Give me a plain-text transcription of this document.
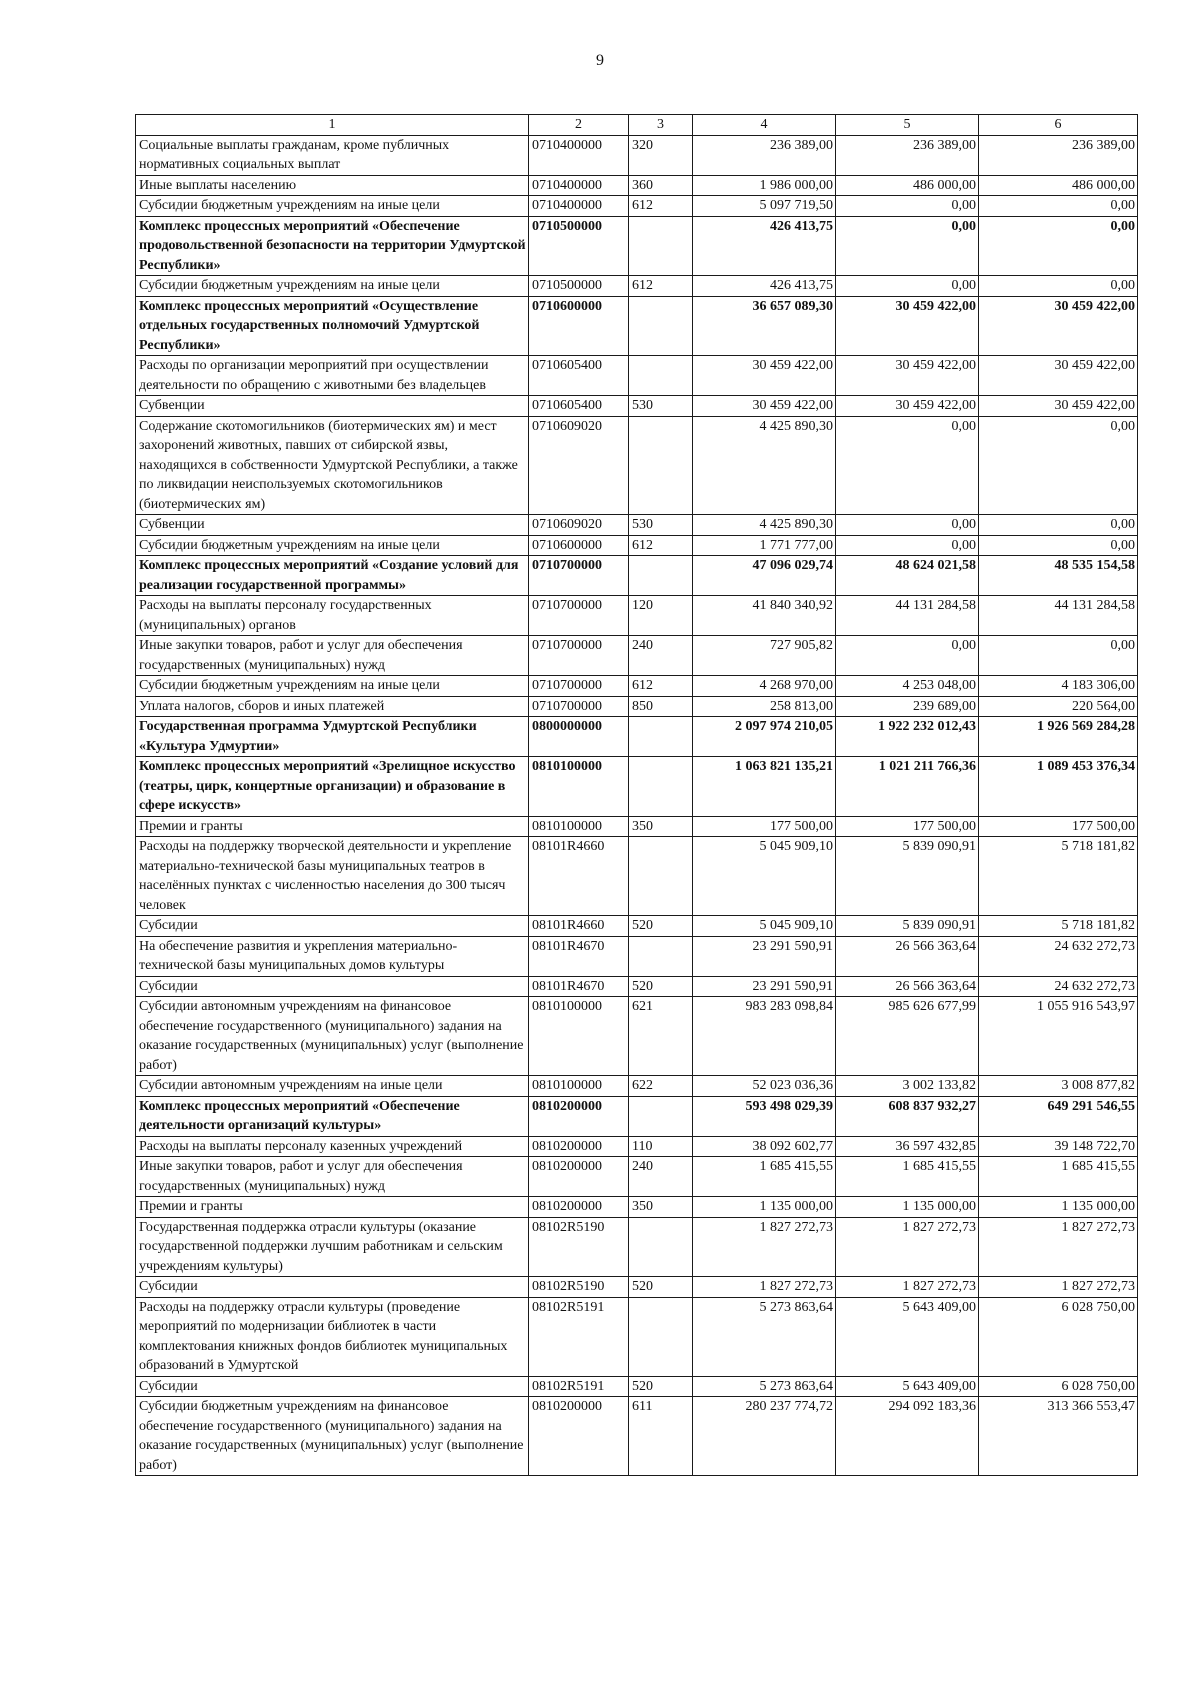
9
1	2	3	4	5	6
Социальные выплаты гражданам, кроме публичных нормативных социальных выплат	0710400000	320	236 389,00	236 389,00	236 389,00
Иные выплаты населению	0710400000	360	1 986 000,00	486 000,00	486 000,00
Субсидии бюджетным учреждениям на иные цели	0710400000	612	5 097 719,50	0,00	0,00
Комплекс процессных мероприятий «Обеспечение продовольственной безопасности на территории Удмуртской Республики»	0710500000		426 413,75	0,00	0,00
Субсидии бюджетным учреждениям на иные цели	0710500000	612	426 413,75	0,00	0,00
Комплекс процессных мероприятий «Осуществление отдельных государственных полномочий Удмуртской Республики»	0710600000		36 657 089,30	30 459 422,00	30 459 422,00
Расходы по организации мероприятий при осуществлении деятельности по обращению с животными без владельцев	0710605400		30 459 422,00	30 459 422,00	30 459 422,00
Субвенции	0710605400	530	30 459 422,00	30 459 422,00	30 459 422,00
Содержание скотомогильников (биотермических ям) и мест захоронений животных, павших от сибирской язвы, находящихся в собственности Удмуртской Республики, а также по ликвидации неиспользуемых скотомогильников (биотермических ям)	0710609020		4 425 890,30	0,00	0,00
Субвенции	0710609020	530	4 425 890,30	0,00	0,00
Субсидии бюджетным учреждениям на иные цели	0710600000	612	1 771 777,00	0,00	0,00
Комплекс процессных мероприятий «Создание условий для реализации государственной программы»	0710700000		47 096 029,74	48 624 021,58	48 535 154,58
Расходы на выплаты персоналу государственных (муниципальных) органов	0710700000	120	41 840 340,92	44 131 284,58	44 131 284,58
Иные закупки товаров, работ и услуг для обеспечения государственных (муниципальных) нужд	0710700000	240	727 905,82	0,00	0,00
Субсидии бюджетным учреждениям на иные цели	0710700000	612	4 268 970,00	4 253 048,00	4 183 306,00
Уплата налогов, сборов и иных платежей	0710700000	850	258 813,00	239 689,00	220 564,00
Государственная программа Удмуртской Республики «Культура Удмуртии»	0800000000		2 097 974 210,05	1 922 232 012,43	1 926 569 284,28
Комплекс процессных мероприятий «Зрелищное искусство (театры, цирк, концертные организации) и образование в сфере искусств»	0810100000		1 063 821 135,21	1 021 211 766,36	1 089 453 376,34
Премии и гранты	0810100000	350	177 500,00	177 500,00	177 500,00
Расходы на поддержку творческой деятельности и укрепление материально-технической базы муниципальных театров в населённых пунктах с численностью населения до 300 тысяч человек	08101R4660		5 045 909,10	5 839 090,91	5 718 181,82
Субсидии	08101R4660	520	5 045 909,10	5 839 090,91	5 718 181,82
На обеспечение развития и укрепления материально-технической базы муниципальных домов культуры	08101R4670		23 291 590,91	26 566 363,64	24 632 272,73
Субсидии	08101R4670	520	23 291 590,91	26 566 363,64	24 632 272,73
Субсидии автономным учреждениям на финансовое обеспечение государственного (муниципального) задания на оказание государственных (муниципальных) услуг (выполнение работ)	0810100000	621	983 283 098,84	985 626 677,99	1 055 916 543,97
Субсидии автономным учреждениям на иные цели	0810100000	622	52 023 036,36	3 002 133,82	3 008 877,82
Комплекс процессных мероприятий «Обеспечение деятельности организаций культуры»	0810200000		593 498 029,39	608 837 932,27	649 291 546,55
Расходы на выплаты персоналу казенных учреждений	0810200000	110	38 092 602,77	36 597 432,85	39 148 722,70
Иные закупки товаров, работ и услуг для обеспечения государственных (муниципальных) нужд	0810200000	240	1 685 415,55	1 685 415,55	1 685 415,55
Премии и гранты	0810200000	350	1 135 000,00	1 135 000,00	1 135 000,00
Государственная поддержка отрасли культуры (оказание государственной поддержки лучшим работникам и сельским учреждениям культуры)	08102R5190		1 827 272,73	1 827 272,73	1 827 272,73
Субсидии	08102R5190	520	1 827 272,73	1 827 272,73	1 827 272,73
Расходы на поддержку отрасли культуры (проведение мероприятий по модернизации библиотек в части комплектования книжных фондов библиотек муниципальных образований в Удмуртской	08102R5191		5 273 863,64	5 643 409,00	6 028 750,00
Субсидии	08102R5191	520	5 273 863,64	5 643 409,00	6 028 750,00
Субсидии бюджетным учреждениям на финансовое обеспечение государственного (муниципального) задания на оказание государственных (муниципальных) услуг (выполнение работ)	0810200000	611	280 237 774,72	294 092 183,36	313 366 553,47
